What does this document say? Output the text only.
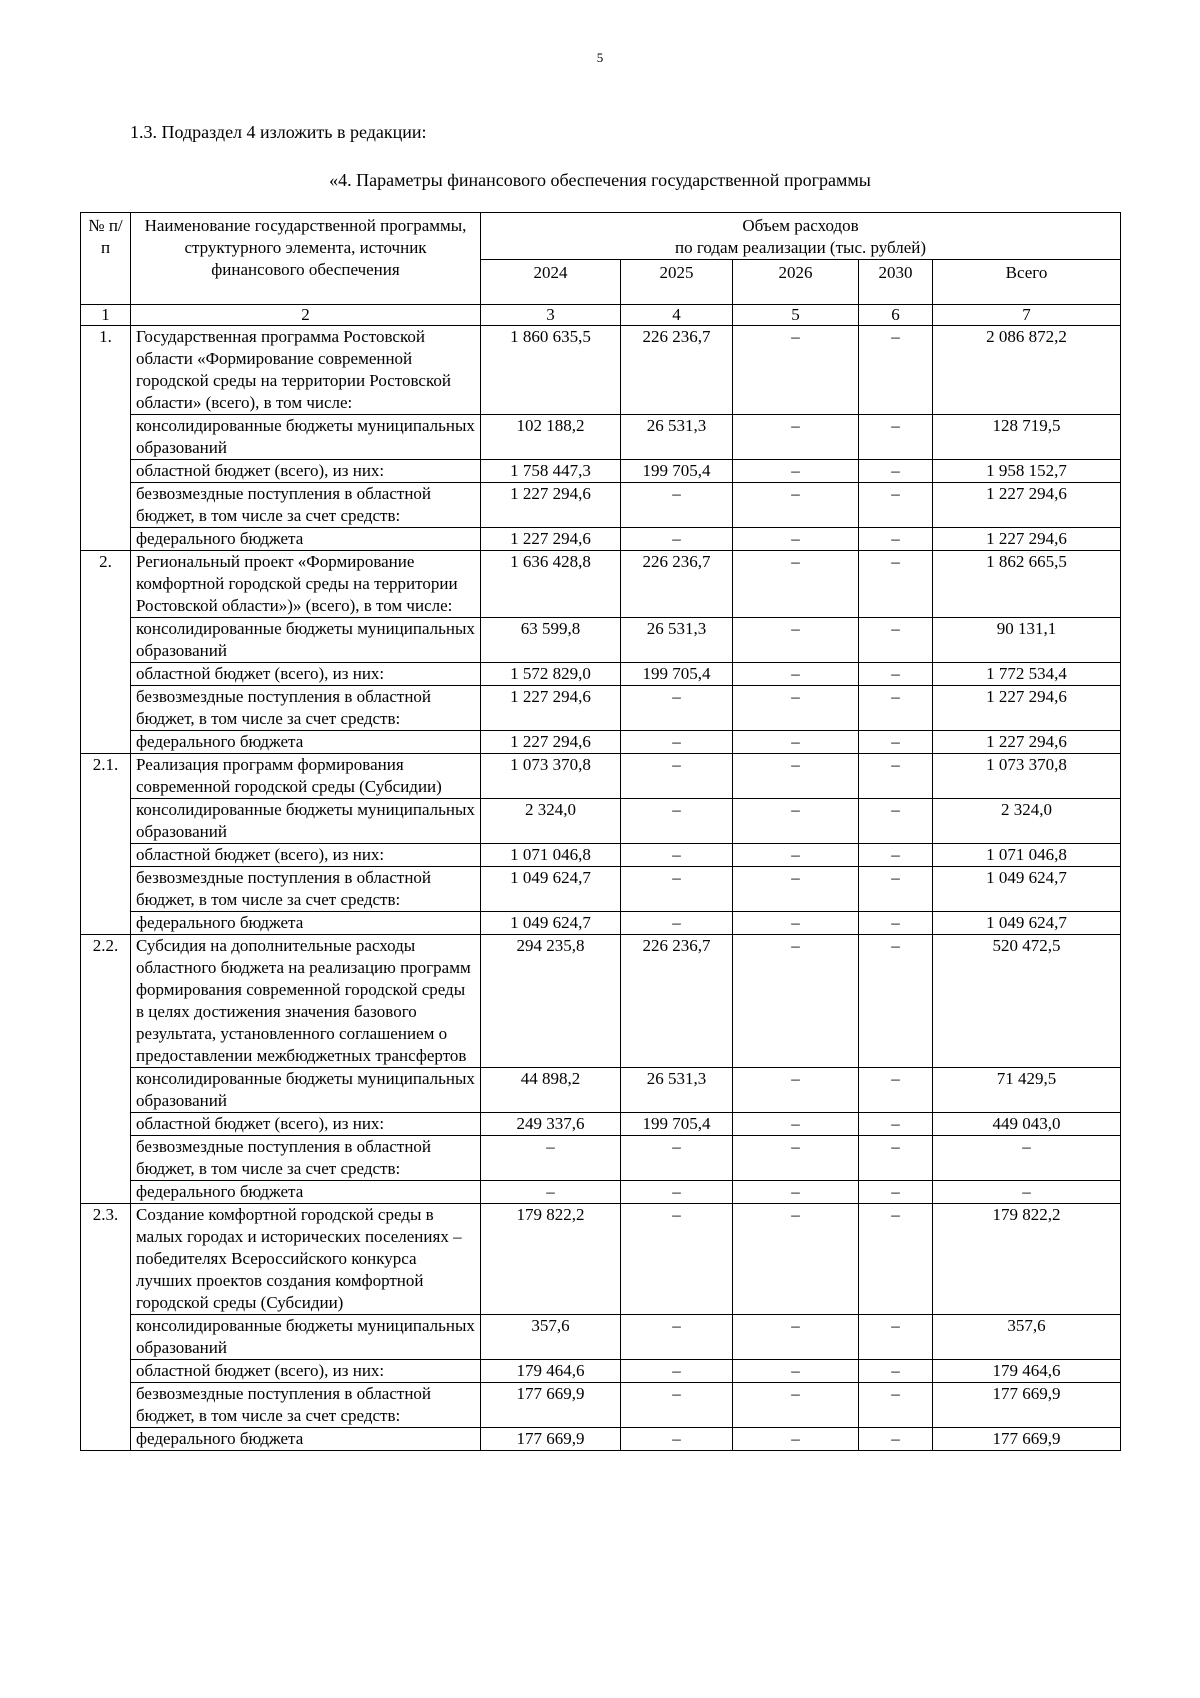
5
1.3. Подраздел 4 изложить в редакции:
«4. Параметры финансового обеспечения государственной программы
№ п/п	Наименование государственной программы, структурного элемента, источник финансового обеспечения	Объем расходов
по годам реализации (тыс. рублей)				

		2024	2025	2026	2030	Всего
1	2	3	4	5	6	7
1.	Государственная программа Ростовской области «Формирование современной городской среды на территории Ростовской области» (всего), в том числе:	1 860 635,5	226 236,7	–	–	2 086 872,2
	консолидированные бюджеты муниципальных образований	102 188,2	26 531,3	–	–	128 719,5
	областной бюджет (всего), из них:	1 758 447,3	199 705,4	–	–	1 958 152,7
	безвозмездные поступления в областной бюджет, в том числе за счет средств:	1 227 294,6	–	–	–	1 227 294,6
	федерального бюджета	1 227 294,6	–	–	–	1 227 294,6
2.	Региональный проект «Формирование комфортной городской среды на территории Ростовской области»)» (всего), в том числе:	1 636 428,8	226 236,7	–	–	1 862 665,5
	консолидированные бюджеты муниципальных образований	63 599,8	26 531,3	–	–	90 131,1
	областной бюджет (всего), из них:	1 572 829,0	199 705,4	–	–	1 772 534,4
	безвозмездные поступления в областной бюджет, в том числе за счет средств:	1 227 294,6	–	–	–	1 227 294,6
	федерального бюджета	1 227 294,6	–	–	–	1 227 294,6
2.1.	Реализация программ формирования современной городской среды (Субсидии)	1 073 370,8	–	–	–	1 073 370,8
	консолидированные бюджеты муниципальных образований	2 324,0	–	–	–	2 324,0
	областной бюджет (всего), из них:	1 071 046,8	–	–	–	1 071 046,8
	безвозмездные поступления в областной бюджет, в том числе за счет средств:	1 049 624,7	–	–	–	1 049 624,7
	федерального бюджета	1 049 624,7	–	–	–	1 049 624,7
2.2.	Субсидия на дополнительные расходы областного бюджета на реализацию программ формирования современной городской среды в целях достижения значения базового результата, установленного соглашением о предоставлении межбюджетных трансфертов	294 235,8	226 236,7	–	–	520 472,5
	консолидированные бюджеты муниципальных образований	44 898,2	26 531,3	–	–	71 429,5
	областной бюджет (всего), из них:	249 337,6	199 705,4	–	–	449 043,0
	безвозмездные поступления в областной бюджет, в том числе за счет средств:	–	–	–	–	–
	федерального бюджета	–	–	–	–	–
2.3.	Создание комфортной городской среды в малых городах и исторических поселениях – победителях Всероссийского конкурса лучших проектов создания комфортной городской среды (Субсидии)	179 822,2	–	–	–	179 822,2
	консолидированные бюджеты муниципальных образований	357,6	–	–	–	357,6
	областной бюджет (всего), из них:	179 464,6	–	–	–	179 464,6
	безвозмездные поступления в областной бюджет, в том числе за счет средств:	177 669,9	–	–	–	177 669,9
	федерального бюджета	177 669,9	–	–	–	177 669,9
